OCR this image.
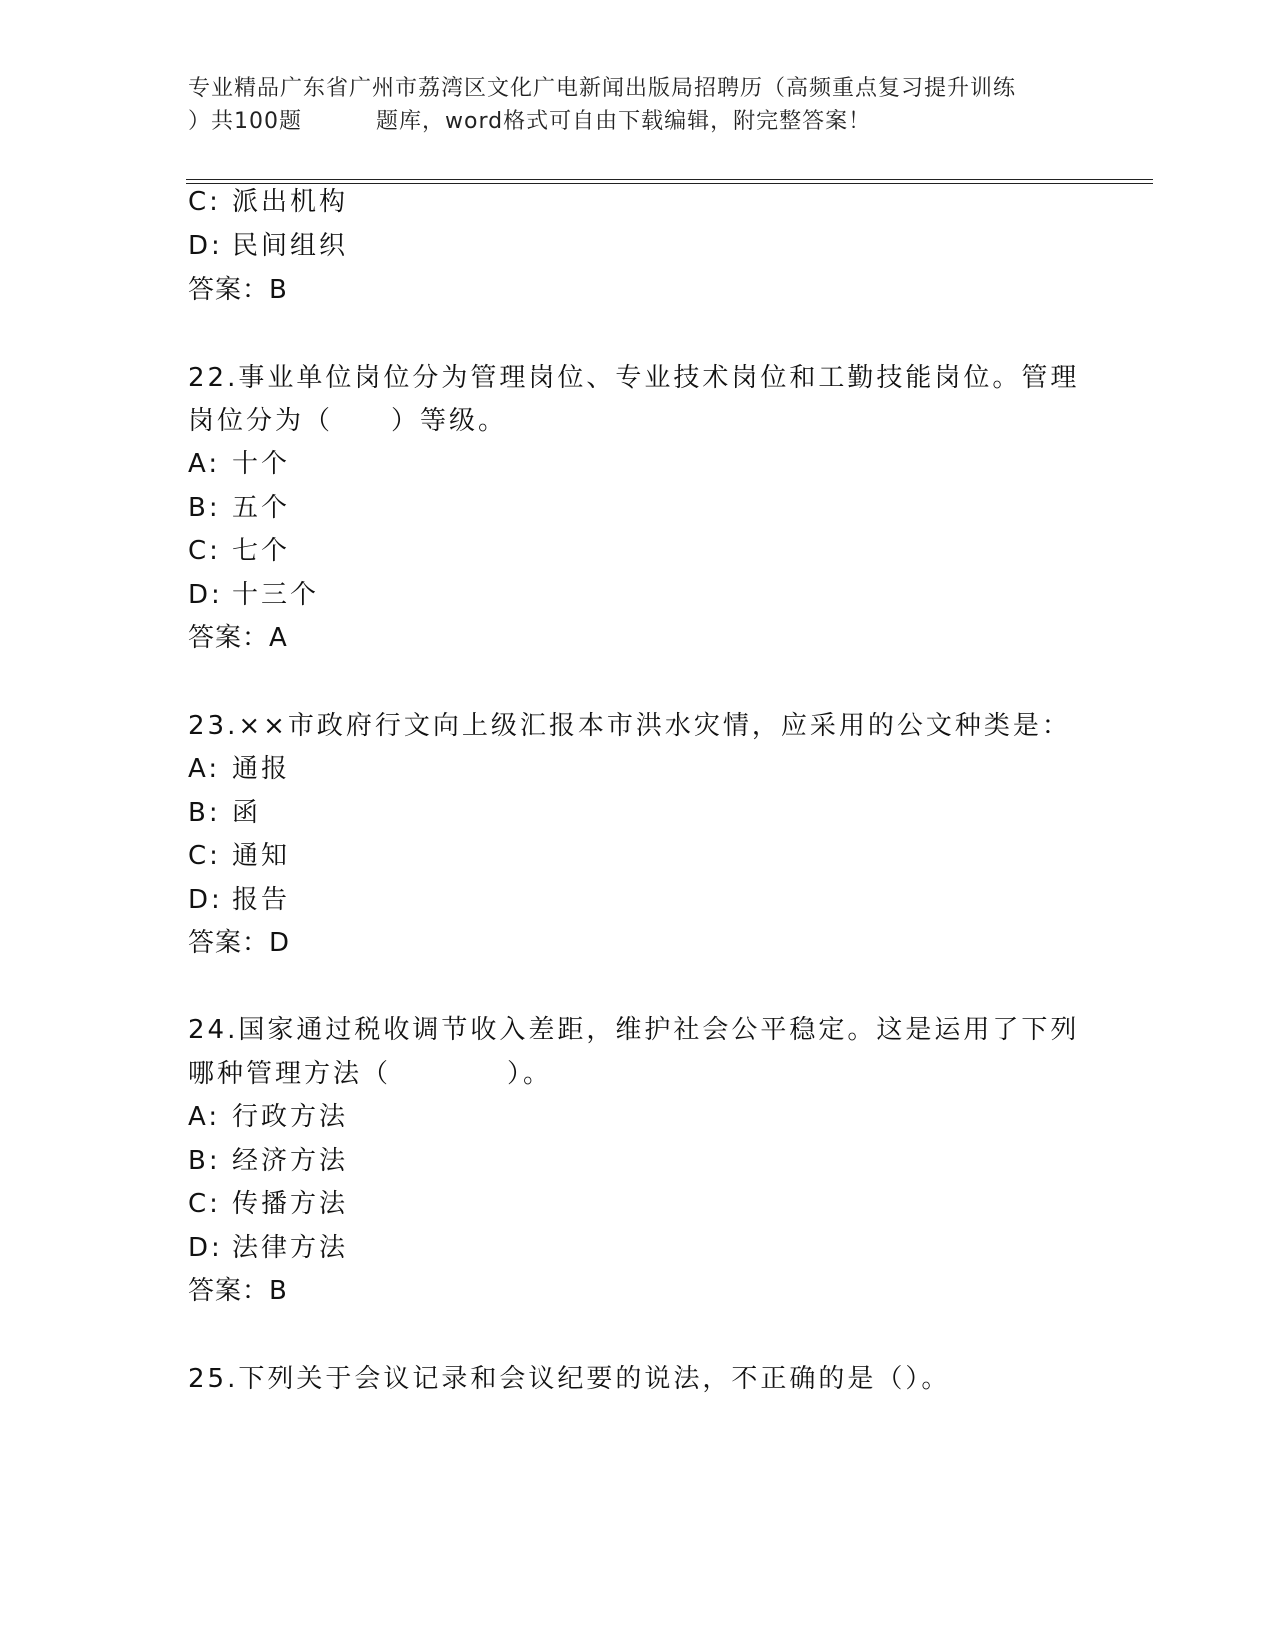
专业精品广东省广州市荔湾区文化广电新闻出版局招聘历（高频重点复习提升训练
）共100题	题库，word格式可自由下载编辑，附完整答案！
C: 派出机构
D: 民间组织
答案：B
22.事业单位岗位分为管理岗位、专业技术岗位和工勤技能岗位。管理
岗位分为（　　）等级。
A: 十个
B: 五个
C: 七个
D: 十三个
答案：A
23.××市政府行文向上级汇报本市洪水灾情，应采用的公文种类是：
A: 通报
B: 函
C: 通知
D: 报告
答案：D
24.国家通过税收调节收入差距，维护社会公平稳定。这是运用了下列
哪种管理方法（　　　　）。
A: 行政方法
B: 经济方法
C: 传播方法
D: 法律方法
答案：B
25.下列关于会议记录和会议纪要的说法，不正确的是（）。
